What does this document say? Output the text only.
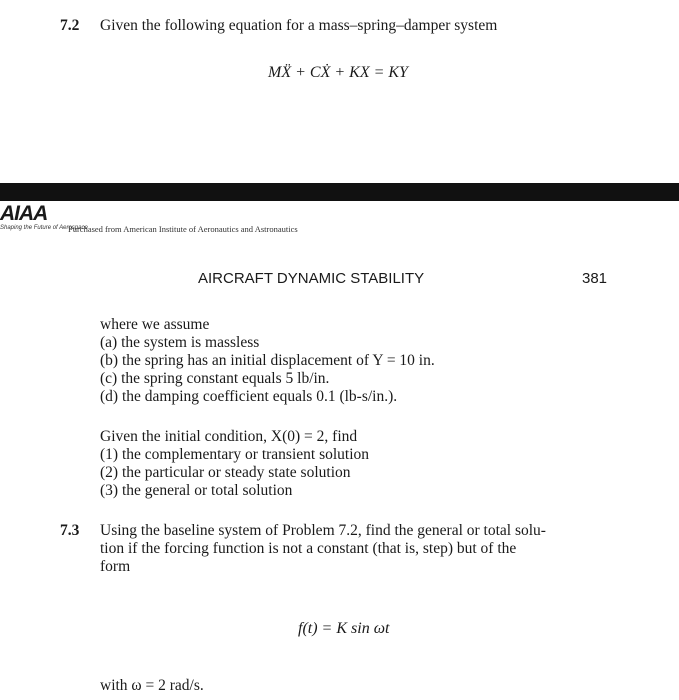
7.2 Given the following equation for a mass–spring–damper system
MẌ + CẊ + KX = KY
AIAA
Shaping the Future of Aerospace
Purchased from American Institute of Aeronautics and Astronautics
AIRCRAFT DYNAMIC STABILITY	381
where we assume
(a) the system is massless
(b) the spring has an initial displacement of Y = 10 in.
(c) the spring constant equals 5 lb/in.
(d) the damping coefficient equals 0.1 (lb-s/in.).
Given the initial condition, X(0) = 2, find
(1) the complementary or transient solution
(2) the particular or steady state solution
(3) the general or total solution
7.3 Using the baseline system of Problem 7.2, find the general or total solu-
tion if the forcing function is not a constant (that is, step) but of the
form
f(t) = K sin ωt
with ω = 2 rad/s.
